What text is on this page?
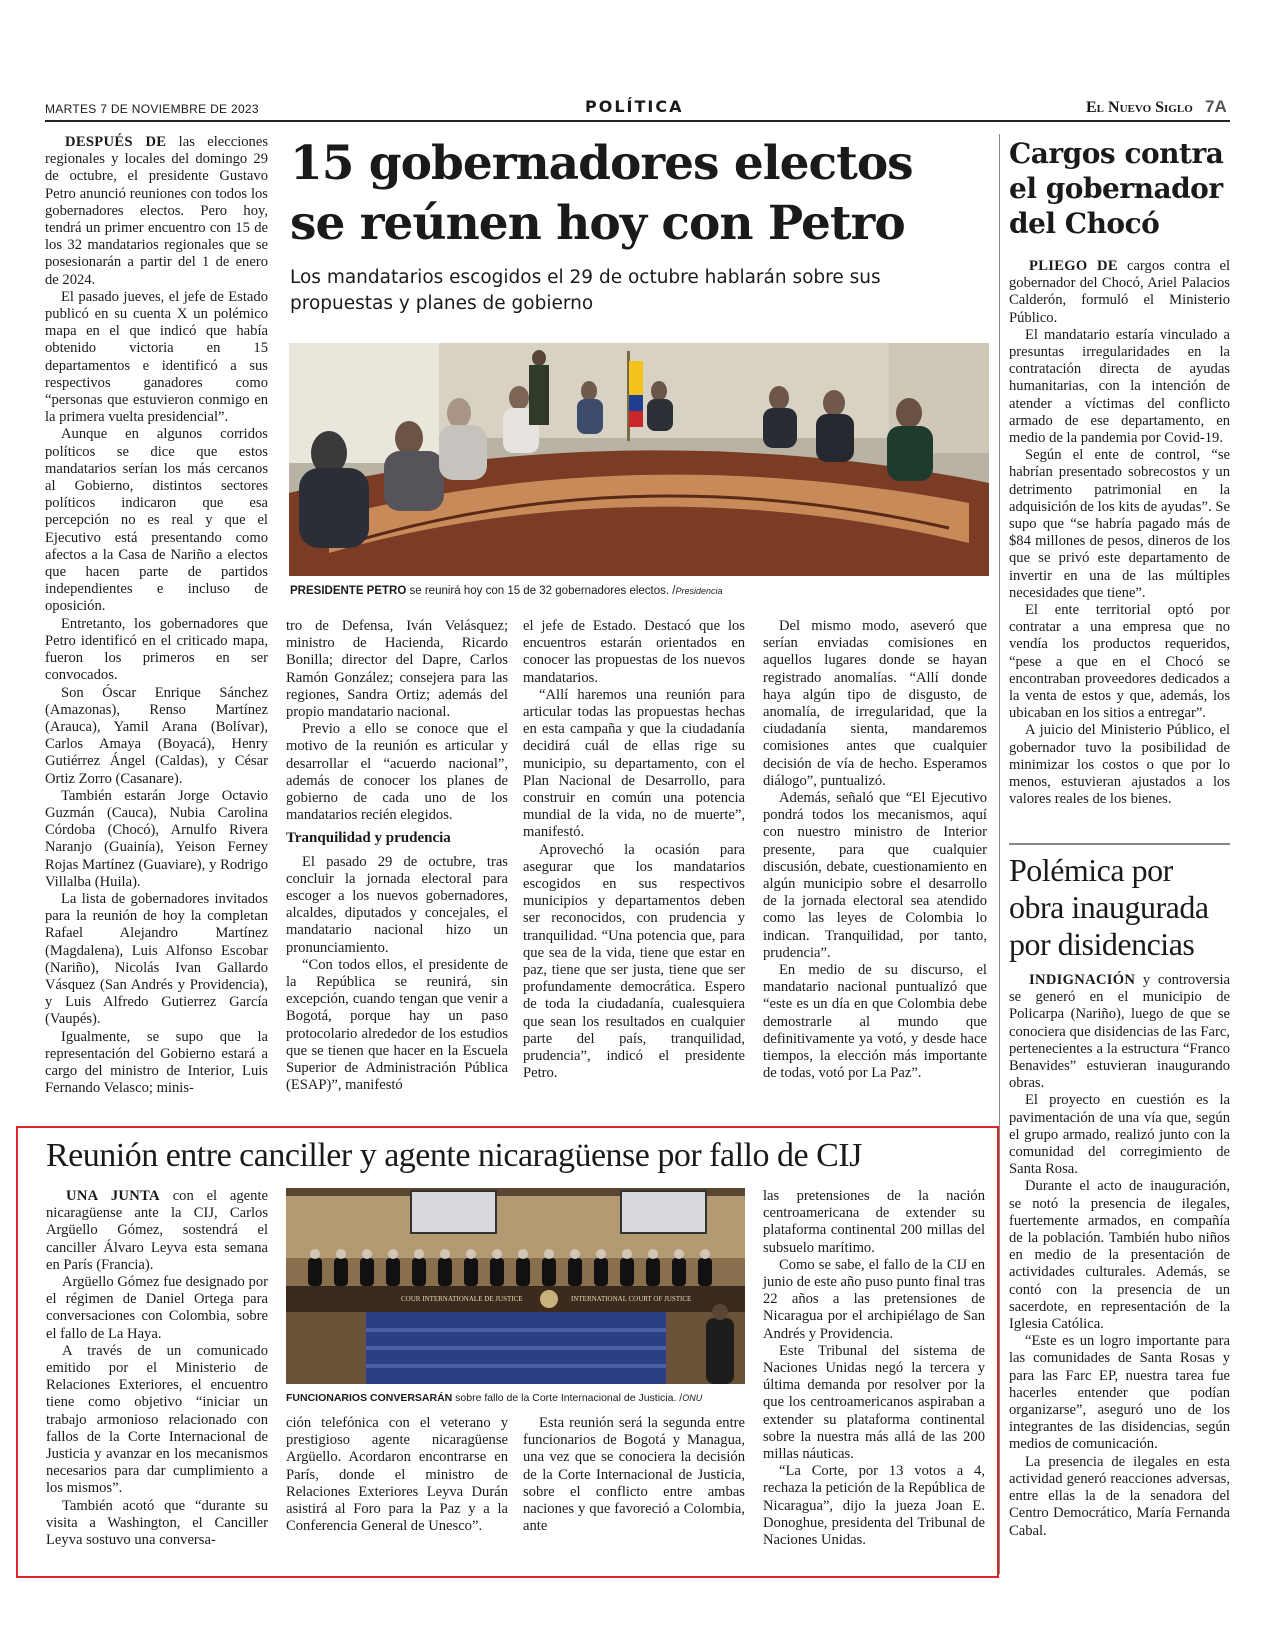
MARTES 7 DE NOVIEMBRE DE 2023	POLÍTICA	El Nuevo Siglo 7A
15 gobernadores electos
se reúnen hoy con Petro
Los mandatarios escogidos el 29 de octubre hablarán sobre sus propuestas y planes de gobierno
PRESIDENTE PETRO se reunirá hoy con 15 de 32 gobernadores electos. /Presidencia

DESPUÉS DE las elecciones regionales y locales del domingo 29 de octubre, el presidente Gustavo Petro anunció reuniones con todos los gobernadores electos. Pero hoy, tendrá un primer encuentro con 15 de los 32 mandatarios regionales que se posesionarán a partir del 1 de enero de 2024.

El pasado jueves, el jefe de Estado publicó en su cuenta X un polémico mapa en el que indicó que había obtenido victoria en 15 departamentos e identificó a sus respectivos ganadores como “personas que estuvieron conmigo en la primera vuelta presidencial”.

Aunque en algunos corridos políticos se dice que estos mandatarios serían los más cercanos al Gobierno, distintos sectores políticos indicaron que esa percepción no es real y que el Ejecutivo está presentando como afectos a la Casa de Nariño a electos que hacen parte de partidos independientes e incluso de oposición.

Entretanto, los gobernadores que Petro identificó en el criticado mapa, fueron los primeros en ser convocados.

Son Óscar Enrique Sánchez (Amazonas), Renso Martínez (Arauca), Yamil Arana (Bolívar), Carlos Amaya (Boyacá), Henry Gutiérrez Ángel (Caldas), y César Ortiz Zorro (Casanare).

También estarán Jorge Octavio Guzmán (Cauca), Nubia Carolina Córdoba (Chocó), Arnulfo Rivera Naranjo (Guainía), Yeison Ferney Rojas Martínez (Guaviare), y Rodrigo Villalba (Huila).

La lista de gobernadores invitados para la reunión de hoy la completan Rafael Alejandro Martínez (Magdalena), Luis Alfonso Escobar (Nariño), Nicolás Ivan Gallardo Vásquez (San Andrés y Providencia), y Luis Alfredo Gutierrez García (Vaupés).

Igualmente, se supo que la representación del Gobierno estará a cargo del ministro de Interior, Luis Fernando Velasco; minis-

tro de Defensa, Iván Velásquez; ministro de Hacienda, Ricardo Bonilla; director del Dapre, Carlos Ramón González; consejera para las regiones, Sandra Ortiz; además del propio mandatario nacional.

Previo a ello se conoce que el motivo de la reunión es articular y desarrollar el “acuerdo nacional”, además de conocer los planes de gobierno de cada uno de los mandatarios recién elegidos.

Tranquilidad y prudencia

El pasado 29 de octubre, tras concluir la jornada electoral para escoger a los nuevos gobernadores, alcaldes, diputados y concejales, el mandatario nacional hizo un pronunciamiento.

“Con todos ellos, el presidente de la República se reunirá, sin excepción, cuando tengan que venir a Bogotá, porque hay un paso protocolario alrededor de los estudios que se tienen que hacer en la Escuela Superior de Administración Pública (ESAP)”, manifestó

el jefe de Estado. Destacó que los encuentros estarán orientados en conocer las propuestas de los nuevos mandatarios.

“Allí haremos una reunión para articular todas las propuestas hechas en esta campaña y que la ciudadanía decidirá cuál de ellas rige su municipio, su departamento, con el Plan Nacional de Desarrollo, para construir en común una potencia mundial de la vida, no de muerte”, manifestó.

Aprovechó la ocasión para asegurar que los mandatarios escogidos en sus respectivos municipios y departamentos deben ser reconocidos, con prudencia y tranquilidad. “Una potencia que, para que sea de la vida, tiene que estar en paz, tiene que ser justa, tiene que ser profundamente democrática. Espero de toda la ciudadanía, cualesquiera que sean los resultados en cualquier parte del país, tranquilidad, prudencia”, indicó el presidente Petro.

Del mismo modo, aseveró que serían enviadas comisiones en aquellos lugares donde se hayan registrado anomalías. “Allí donde haya algún tipo de disgusto, de anomalía, de irregularidad, que la ciudadanía sienta, mandaremos comisiones antes que cualquier decisión de vía de hecho. Esperamos diálogo”, puntualizó.

Además, señaló que “El Ejecutivo pondrá todos los mecanismos, aquí con nuestro ministro de Interior presente, para que cualquier discusión, debate, cuestionamiento en algún municipio sobre el desarrollo de la jornada electoral sea atendido como las leyes de Colombia lo indican. Tranquilidad, por tanto, prudencia”.

En medio de su discurso, el mandatario nacional puntualizó que “este es un día en que Colombia debe demostrarle al mundo que definitivamente ya votó, y desde hace tiempos, la elección más importante de todas, votó por La Paz”.

Cargos contra
el gobernador
del Chocó

PLIEGO DE cargos contra el gobernador del Chocó, Ariel Palacios Calderón, formuló el Ministerio Público.

El mandatario estaría vinculado a presuntas irregularidades en la contratación directa de ayudas humanitarias, con la intención de atender a víctimas del conflicto armado de ese departamento, en medio de la pandemia por Covid-19.

Según el ente de control, “se habrían presentado sobrecostos y un detrimento patrimonial en la adquisición de los kits de ayudas”. Se supo que “se habría pagado más de $84 millones de pesos, dineros de los que se privó este departamento de invertir en una de las múltiples necesidades que tiene”.

El ente territorial optó por contratar a una empresa que no vendía los productos requeridos, “pese a que en el Chocó se encontraban proveedores dedicados a la venta de estos y que, además, los ubicaban en los sitios a entregar”.

A juicio del Ministerio Público, el gobernador tuvo la posibilidad de minimizar los costos o que por lo menos, estuvieran ajustados a los valores reales de los bienes.

Polémica por
obra inaugurada
por disidencias

INDIGNACIÓN y controversia se generó en el municipio de Policarpa (Nariño), luego de que se conociera que disidencias de las Farc, pertenecientes a la estructura “Franco Benavides” estuvieran inaugurando obras.

El proyecto en cuestión es la pavimentación de una vía que, según el grupo armado, realizó junto con la comunidad del corregimiento de Santa Rosa.

Durante el acto de inauguración, se notó la presencia de ilegales, fuertemente armados, en compañía de la población. También hubo niños en medio de la presentación de actividades culturales. Además, se contó con la presencia de un sacerdote, en representación de la Iglesia Católica.

“Este es un logro importante para las comunidades de Santa Rosas y para las Farc EP, nuestra tarea fue hacerles entender que podían organizarse”, aseguró uno de los integrantes de las disidencias, según medios de comunicación.

La presencia de ilegales en esta actividad generó reacciones adversas, entre ellas la de la senadora del Centro Democrático, María Fernanda Cabal.

Reunión entre canciller y agente nicaragüense por fallo de CIJ

UNA JUNTA con el agente nicaragüense ante la CIJ, Carlos Argüello Gómez, sostendrá el canciller Álvaro Leyva esta semana en París (Francia).

Argüello Gómez fue designado por el régimen de Daniel Ortega para conversaciones con Colombia, sobre el fallo de La Haya.

A través de un comunicado emitido por el Ministerio de Relaciones Exteriores, el encuentro tiene como objetivo “iniciar un trabajo armonioso relacionado con fallos de la Corte Internacional de Justicia y avanzar en los mecanismos necesarios para dar cumplimiento a los mismos”.

También acotó que “durante su visita a Washington, el Canciller Leyva sostuvo una conversa-

COUR INTERNATIONALE DE JUSTICE	INTERNATIONAL COURT OF JUSTICE
FUNCIONARIOS CONVERSARÁN sobre fallo de la Corte Internacional de Justicia. /ONU

ción telefónica con el veterano y prestigioso agente nicaragüense Argüello. Acordaron encontrarse en París, donde el ministro de Relaciones Exteriores Leyva Durán asistirá al Foro para la Paz y a la Conferencia General de Unesco”.

Esta reunión será la segunda entre funcionarios de Bogotá y Managua, una vez que se conociera la decisión de la Corte Internacional de Justicia, sobre el conflicto entre ambas naciones y que favoreció a Colombia, ante

las pretensiones de la nación centroamericana de extender su plataforma continental 200 millas del subsuelo marítimo.

Como se sabe, el fallo de la CIJ en junio de este año puso punto final tras 22 años a las pretensiones de Nicaragua por el archipiélago de San Andrés y Providencia.

Este Tribunal del sistema de Naciones Unidas negó la tercera y última demanda por resolver por la que los centroamericanos aspiraban a extender su plataforma continental sobre la nuestra más allá de las 200 millas náuticas.

“La Corte, por 13 votos a 4, rechaza la petición de la República de Nicaragua”, dijo la jueza Joan E. Donoghue, presidenta del Tribunal de Naciones Unidas.
